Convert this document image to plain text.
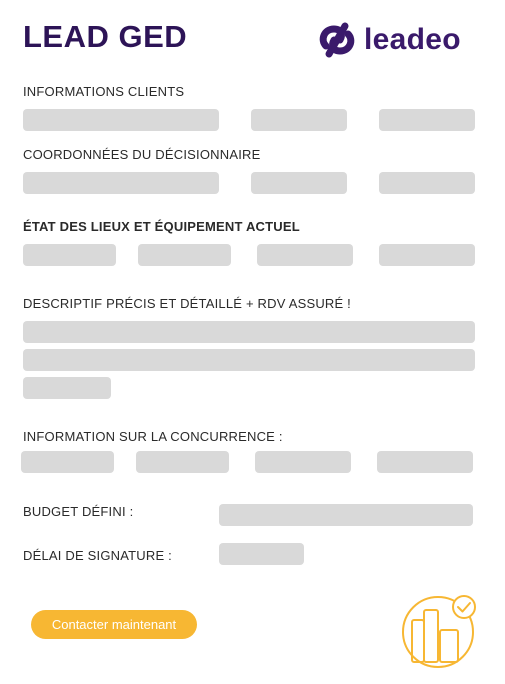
LEAD GED	leadeo
INFORMATIONS CLIENTS
COORDONNÉES DU DÉCISIONNAIRE
ÉTAT DES LIEUX ET ÉQUIPEMENT ACTUEL
DESCRIPTIF PRÉCIS ET DÉTAILLÉ + RDV ASSURÉ !
INFORMATION SUR LA CONCURRENCE :
BUDGET DÉFINI :
DÉLAI DE SIGNATURE :
Contacter maintenant
